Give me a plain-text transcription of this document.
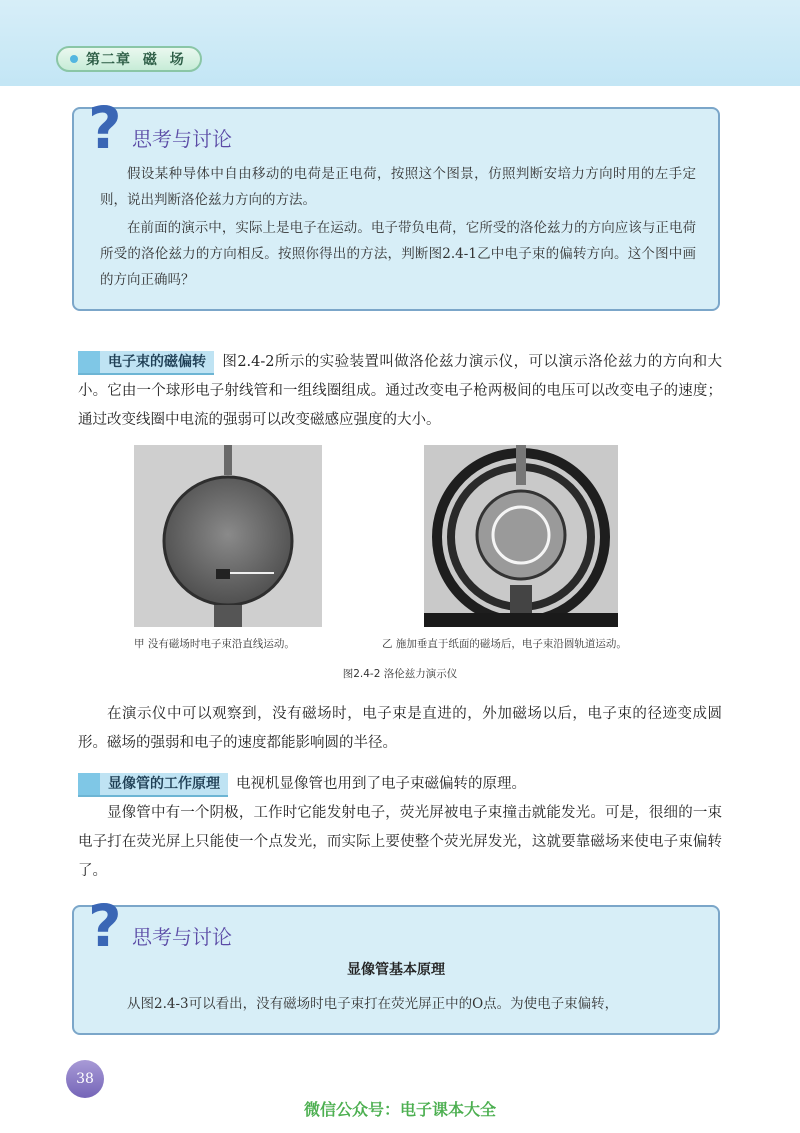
第二章 磁 场
? 思考与讨论

假设某种导体中自由移动的电荷是正电荷，按照这个图景，仿照判断安培力方向时用的左手定则，说出判断洛伦兹力方向的方法。

在前面的演示中，实际上是电子在运动。电子带负电荷，它所受的洛伦兹力的方向应该与正电荷所受的洛伦兹力的方向相反。按照你得出的方法，判断图2.4-1乙中电子束的偏转方向。这个图中画的方向正确吗？

电子束的磁偏转 图2.4-2所示的实验装置叫做洛伦兹力演示仪，可以演示洛伦兹力的方向和大小。它由一个球形电子射线管和一组线圈组成。通过改变电子枪两极间的电压可以改变电子的速度；通过改变线圈中电流的强弱可以改变磁感应强度的大小。
甲 没有磁场时电子束沿直线运动。	乙 施加垂直于纸面的磁场后，电子束沿圆轨道运动。
图2.4-2 洛伦兹力演示仪
在演示仪中可以观察到，没有磁场时，电子束是直进的，外加磁场以后，电子束的径迹变成圆形。磁场的强弱和电子的速度都能影响圆的半径。
显像管的工作原理 电视机显像管也用到了电子束磁偏转的原理。
显像管中有一个阴极，工作时它能发射电子，荧光屏被电子束撞击就能发光。可是，很细的一束电子打在荧光屏上只能使一个点发光，而实际上要使整个荧光屏发光，这就要靠磁场来使电子束偏转了。
? 思考与讨论
显像管基本原理

从图2.4-3可以看出，没有磁场时电子束打在荧光屏正中的O点。为使电子束偏转，

38
微信公众号：电子课本大全
